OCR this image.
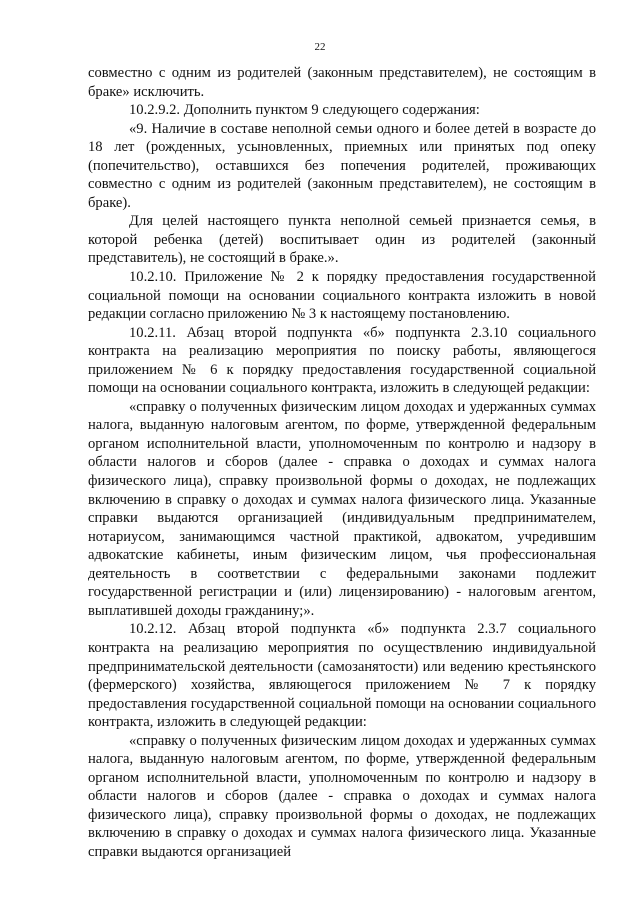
22

совместно с одним из родителей (законным представителем), не состоящим в браке» исключить.

10.2.9.2. Дополнить пунктом 9 следующего содержания:

«9. Наличие в составе неполной семьи одного и более детей в возрасте до 18 лет (рожденных, усыновленных, приемных или принятых под опеку (попечительство), оставшихся без попечения родителей, проживающих совместно с одним из родителей (законным представителем), не состоящим в браке).

Для целей настоящего пункта неполной семьей признается семья, в которой ребенка (детей) воспитывает один из родителей (законный представитель), не состоящий в браке.».

10.2.10. Приложение № 2 к порядку предоставления государственной социальной помощи на основании социального контракта изложить в новой редакции согласно приложению № 3 к настоящему постановлению.

10.2.11. Абзац второй подпункта «б» подпункта 2.3.10 социального контракта на реализацию мероприятия по поиску работы, являющегося приложением № 6 к порядку предоставления государственной социальной помощи на основании социального контракта, изложить в следующей редакции:

«справку о полученных физическим лицом доходах и удержанных суммах налога, выданную налоговым агентом, по форме, утвержденной федеральным органом исполнительной власти, уполномоченным по контролю и надзору в области налогов и сборов (далее - справка о доходах и суммах налога физического лица), справку произвольной формы о доходах, не подлежащих включению в справку о доходах и суммах налога физического лица. Указанные справки выдаются организацией (индивидуальным предпринимателем, нотариусом, занимающимся частной практикой, адвокатом, учредившим адвокатские кабинеты, иным физическим лицом, чья профессиональная деятельность в соответствии с федеральными законами подлежит государственной регистрации и (или) лицензированию) - налоговым агентом, выплатившей доходы гражданину;».

10.2.12. Абзац второй подпункта «б» подпункта 2.3.7 социального контракта на реализацию мероприятия по осуществлению индивидуальной предпринимательской деятельности (самозанятости) или ведению крестьянского (фермерского) хозяйства, являющегося приложением № 7 к порядку предоставления государственной социальной помощи на основании социального контракта, изложить в следующей редакции:

«справку о полученных физическим лицом доходах и удержанных суммах налога, выданную налоговым агентом, по форме, утвержденной федеральным органом исполнительной власти, уполномоченным по контролю и надзору в области налогов и сборов (далее - справка о доходах и суммах налога физического лица), справку произвольной формы о доходах, не подлежащих включению в справку о доходах и суммах налога физического лица. Указанные справки выдаются организацией
